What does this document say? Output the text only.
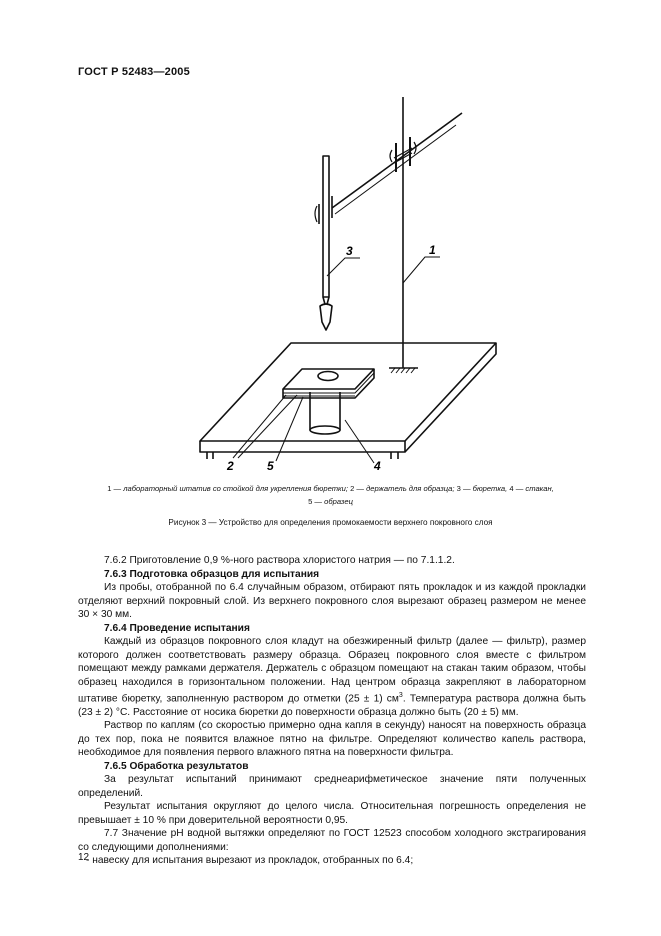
ГОСТ Р 52483—2005
1
3
2	5	4
1 — лабораторный штатив со стойкой для укрепления бюретки; 2 — держатель для образца; 3 — бюретка, 4 — стакан,
5 — образец
Рисунок 3 — Устройство для определения промокаемости верхнего покровного слоя

7.6.2 Приготовление 0,9 %-ного раствора хлористого натрия — по 7.1.1.2.

7.6.3 Подготовка образцов для испытания

Из пробы, отобранной по 6.4 случайным образом, отбирают пять прокладок и из каждой прокладки отделяют верхний покровный слой. Из верхнего покровного слоя вырезают образец размером не менее 30 × 30 мм.

7.6.4 Проведение испытания

Каждый из образцов покровного слоя кладут на обезжиренный фильтр (далее — фильтр), размер которого должен соответствовать размеру образца. Образец покровного слоя вместе с фильтром помещают между рамками держателя. Держатель с образцом помещают на стакан таким образом, чтобы образец находился в горизонтальном положении. Над центром образца закрепляют в лабораторном штативе бюретку, заполненную раствором до отметки (25 ± 1) $см^3$. Температура раствора должна быть (23 ± 2) °С. Расстояние от носика бюретки до поверхности образца должно быть (20 ± 5) мм.

Раствор по каплям (со скоростью примерно одна капля в секунду) наносят на поверхность образца до тех пор, пока не появится влажное пятно на фильтре. Определяют количество капель раствора, необходимое для появления первого влажного пятна на поверхности фильтра.

7.6.5 Обработка результатов

За результат испытаний принимают среднеарифметическое значение пяти полученных определений.

Результат испытания округляют до целого числа. Относительная погрешность определения не превышает ± 10 % при доверительной вероятности 0,95.

7.7 Значение рН водной вытяжки определяют по ГОСТ 12523 способом холодного экстрагирования со следующими дополнениями:

- навеску для испытания вырезают из прокладок, отобранных по 6.4;

12
